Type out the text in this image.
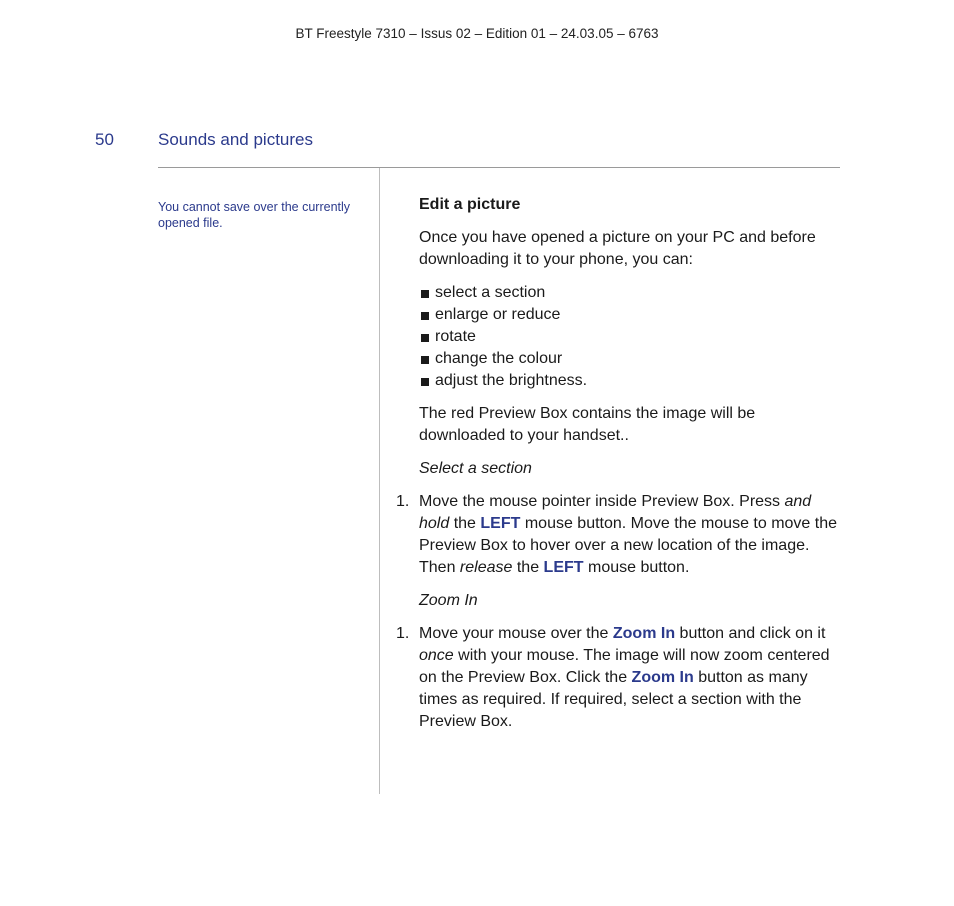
BT Freestyle 7310 – Issus 02 – Edition 01 – 24.03.05 – 6763
50	Sounds and pictures
You cannot save over the currently opened file.

Edit a picture

Once you have opened a picture on your PC and before downloading it to your phone, you can:

select a section
enlarge or reduce
rotate
change the colour
adjust the brightness.

The red Preview Box contains the image will be downloaded to your handset..

Select a section

1. Move the mouse pointer inside Preview Box. Press and hold the LEFT mouse button. Move the mouse to move the Preview Box to hover over a new location of the image. Then release the LEFT mouse button.

Zoom In

1. Move your mouse over the Zoom In button and click on it once with your mouse. The image will now zoom centered on the Preview Box. Click the Zoom In button as many times as required. If required, select a section with the Preview Box.
